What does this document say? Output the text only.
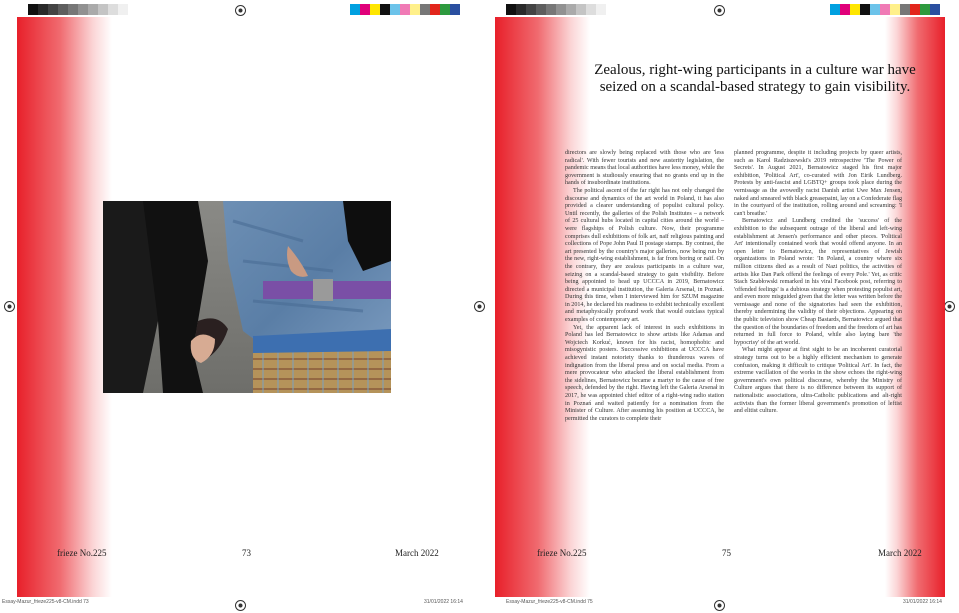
Zealous, right-wing participants in a culture war have seized on a scandal-based strategy to gain visibility.

directors are slowly being replaced with those who are 'less radical'. With fewer tourists and new austerity legislation, the pandemic means that local authorities have less money, while the government is studiously ensuring that no grants end up in the hands of insubordinate institutions.

The political ascent of the far right has not only changed the discourse and dynamics of the art world in Poland, it has also provided a clearer understanding of populist cultural policy. Until recently, the galleries of the Polish Institutes – a network of 25 cultural hubs located in capital cities around the world – were flagships of Polish culture. Now, their programme comprises dull exhibitions of folk art, naïf religious painting and collections of Pope John Paul II postage stamps. By contrast, the art presented by the country's major galleries, now being run by the new, right-wing establishment, is far from boring or naïf. On the contrary, they are zealous participants in a culture war, seizing on a scandal-based strategy to gain visibility. Before being appointed to head up UCCCA in 2019, Bernatowicz directed a municipal institution, the Galeria Arsenał, in Poznań. During this time, when I interviewed him for SZUM magazine in 2014, he declared his readiness to exhibit technically excellent and metaphysically profound work that would outclass typical examples of contemporary art.

Yet, the apparent lack of interest in such exhibitions in Poland has led Bernatowicz to show artists like Adamas and Wojciech Korkuć, known for his racist, homophobic and misogynistic posters. Successive exhibitions at UCCCA have achieved instant notoriety thanks to thunderous waves of indignation from the liberal press and on social media. From a mere provocateur who attacked the liberal establishment from the sidelines, Bernatowicz became a martyr to the cause of free speech, defended by the right. Having left the Galeria Arsenał in 2017, he was appointed chief editor of a right-wing radio station in Poznań and waited patiently for a nomination from the Minister of Culture. After assuming his position at UCCCA, he permitted the curators to complete their

planned programme, despite it including projects by queer artists, such as Karol Radziszewski's 2019 retrospective 'The Power of Secrets'. In August 2021, Bernatowicz staged his first major exhibition, 'Political Art', co-curated with Jon Eirik Lundberg. Protests by anti-fascist and LGBTQ+ groups took place during the vernissage as the avowedly racist Danish artist Uwe Max Jensen, naked and smeared with black greasepaint, lay on a Confederate flag in the courtyard of the institution, rolling around and screaming: 'I can't breathe.'

Bernatowicz and Lundberg credited the 'success' of the exhibition to the subsequent outrage of the liberal and left-wing establishment at Jensen's performance and other pieces. 'Political Art' intentionally contained work that would offend anyone. In an open letter to Bernatowicz, the representatives of Jewish organizations in Poland wrote: 'In Poland, a country where six million citizens died as a result of Nazi politics, the activities of artists like Dan Park offend the feelings of every Pole.' Yet, as critic Stach Szabłowski remarked in his viral Facebook post, referring to 'offended feelings' is a dubious strategy when protesting populist art, and even more misguided given that the letter was written before the vernissage and none of the signatories had seen the exhibition, thereby undermining the validity of their objections. Appearing on the public television show Cheap Bastards, Bernatowicz argued that the question of the boundaries of freedom and the freedom of art has returned in full force to Poland, while also laying bare 'the hypocrisy' of the art world.

What might appear at first sight to be an incoherent curatorial strategy turns out to be a highly efficient mechanism to generate confusion, making it difficult to critique 'Political Art'. In fact, the extreme vacillation of the works in the show echoes the right-wing government's own political discourse, whereby the Ministry of Culture argues that there is no difference between its support of nationalistic associations, ultra-Catholic publications and alt-right activists than the former liberal government's promotion of leftist and elitist culture.

frieze No.225	73	March 2022	frieze No.225	75	March 2022
Essay-Mazur_frieze225-v8-CM.indd 73	31/01/2022 16:14	Essay-Mazur_frieze225-v8-CM.indd 75	31/01/2022 16:14
